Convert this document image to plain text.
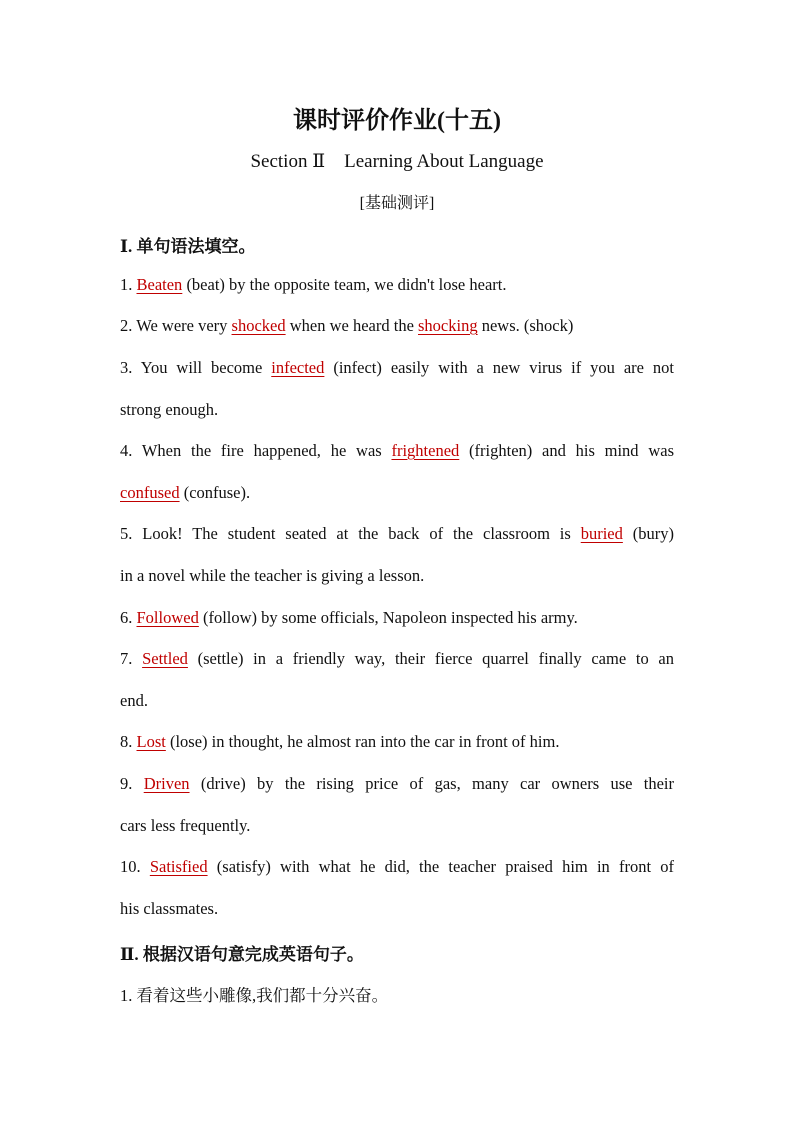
课时评价作业(十五)
Section Ⅱ　Learning About Language
[基础测评]
Ⅰ. 单句语法填空。
1. Beaten (beat) by the opposite team, we didn't lose heart.
2. We were very shocked when we heard the shocking news. (shock)
3. You will become infected (infect) easily with a new virus if you are not
strong enough.
4. When the fire happened, he was frightened (frighten) and his mind was
confused (confuse).
5. Look! The student seated at the back of the classroom is buried (bury)
in a novel while the teacher is giving a lesson.
6. Followed (follow) by some officials, Napoleon inspected his army.
7. Settled (settle) in a friendly way, their fierce quarrel finally came to an
end.
8. Lost (lose) in thought, he almost ran into the car in front of him.
9. Driven (drive) by the rising price of gas, many car owners use their
cars less frequently.
10. Satisfied (satisfy) with what he did, the teacher praised him in front of
his classmates.
Ⅱ. 根据汉语句意完成英语句子。
1. 看着这些小雕像,我们都十分兴奋。
